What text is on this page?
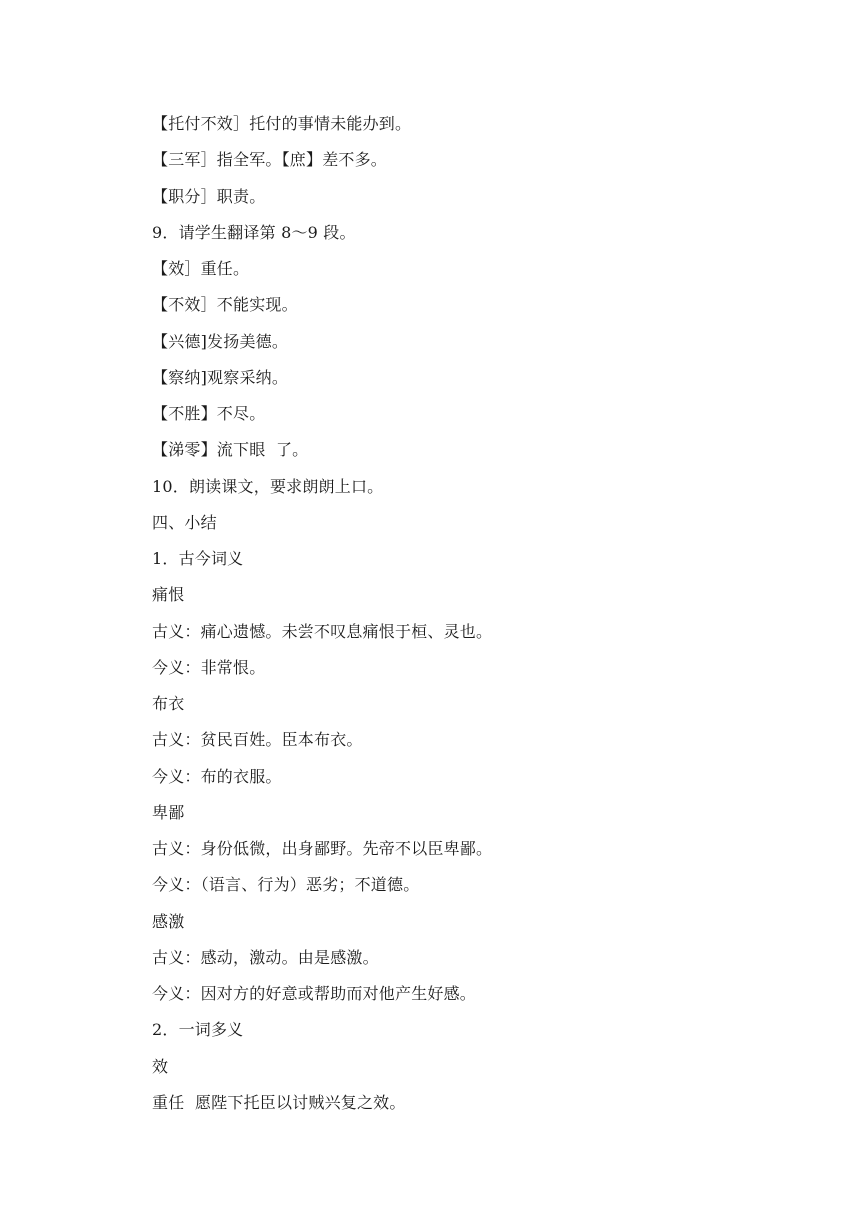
【托付不效］托付的事情未能办到。
【三军］指全军。【庶】差不多。
【职分］职责。
9．请学生翻译第 8～9 段。
【效］重任。
【不效］不能实现。
【兴德]发扬美德。
【察纳]观察采纳。
【不胜】不尽。
【涕零】流下眼  了。
10．朗读课文，要求朗朗上口。
四、小结
1．古今词义
痛恨
古义：痛心遗憾。未尝不叹息痛恨于桓、灵也。
今义：非常恨。
布衣
古义：贫民百姓。臣本布衣。
今义：布的衣服。
卑鄙
古义：身份低微，出身鄙野。先帝不以臣卑鄙。
今义：（语言、行为）恶劣；不道德。
感激
古义：感动，激动。由是感激。
今义：因对方的好意或帮助而对他产生好感。
2．一词多义
效
重任  愿陛下托臣以讨贼兴复之效。
